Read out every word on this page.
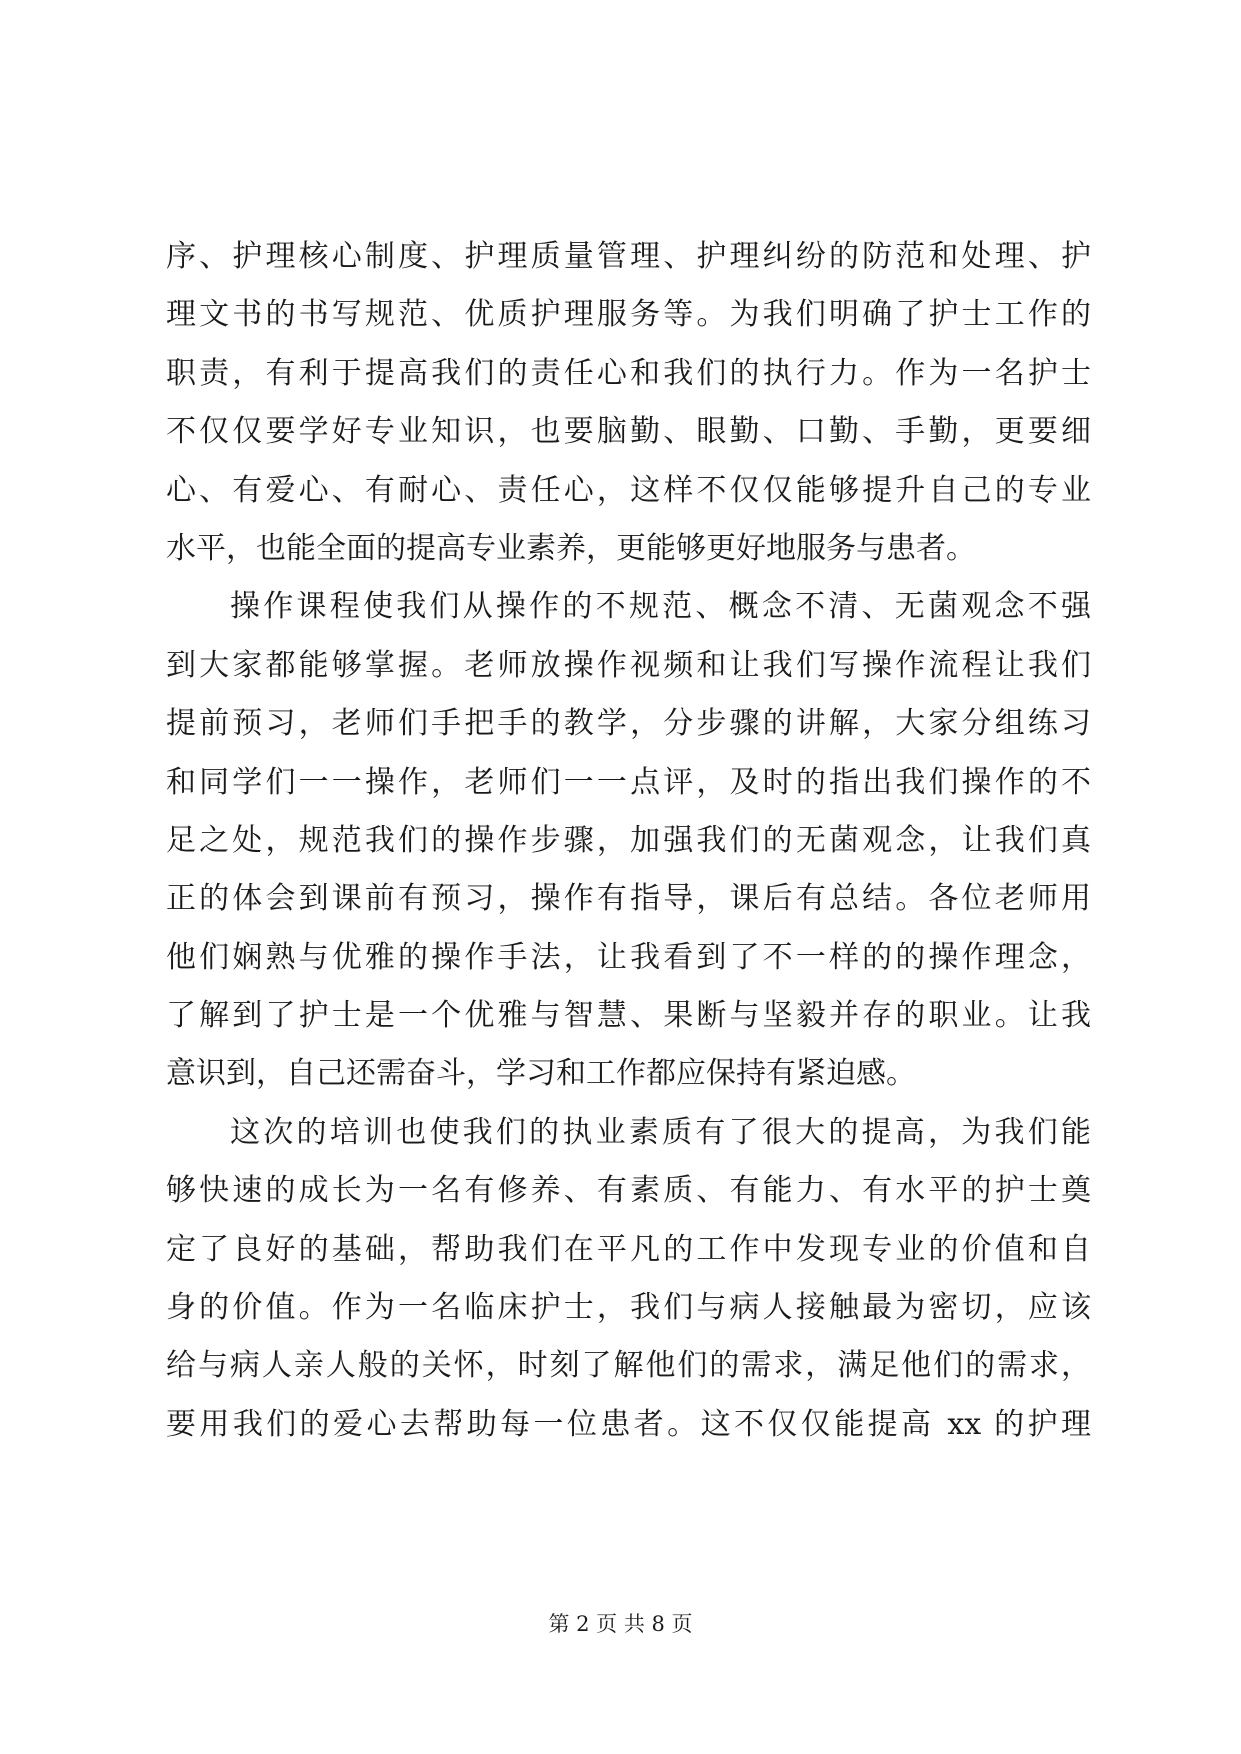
序、护理核心制度、护理质量管理、护理纠纷的防范和处理、护
理文书的书写规范、优质护理服务等。为我们明确了护士工作的
职责，有利于提高我们的责任心和我们的执行力。作为一名护士
不仅仅要学好专业知识，也要脑勤、眼勤、口勤、手勤，更要细
心、有爱心、有耐心、责任心，这样不仅仅能够提升自己的专业
水平，也能全面的提高专业素养，更能够更好地服务与患者。
操作课程使我们从操作的不规范、概念不清、无菌观念不强
到大家都能够掌握。老师放操作视频和让我们写操作流程让我们
提前预习，老师们手把手的教学，分步骤的讲解，大家分组练习
和同学们一一操作，老师们一一点评，及时的指出我们操作的不
足之处，规范我们的操作步骤，加强我们的无菌观念，让我们真
正的体会到课前有预习，操作有指导，课后有总结。各位老师用
他们娴熟与优雅的操作手法，让我看到了不一样的的操作理念，
了解到了护士是一个优雅与智慧、果断与坚毅并存的职业。让我
意识到，自己还需奋斗，学习和工作都应保持有紧迫感。
这次的培训也使我们的执业素质有了很大的提高，为我们能
够快速的成长为一名有修养、有素质、有能力、有水平的护士奠
定了良好的基础，帮助我们在平凡的工作中发现专业的价值和自
身的价值。作为一名临床护士，我们与病人接触最为密切，应该
给与病人亲人般的关怀，时刻了解他们的需求，满足他们的需求，
要用我们的爱心去帮助每一位患者。这不仅仅能提高 xx 的护理
第 2 页 共 8 页
